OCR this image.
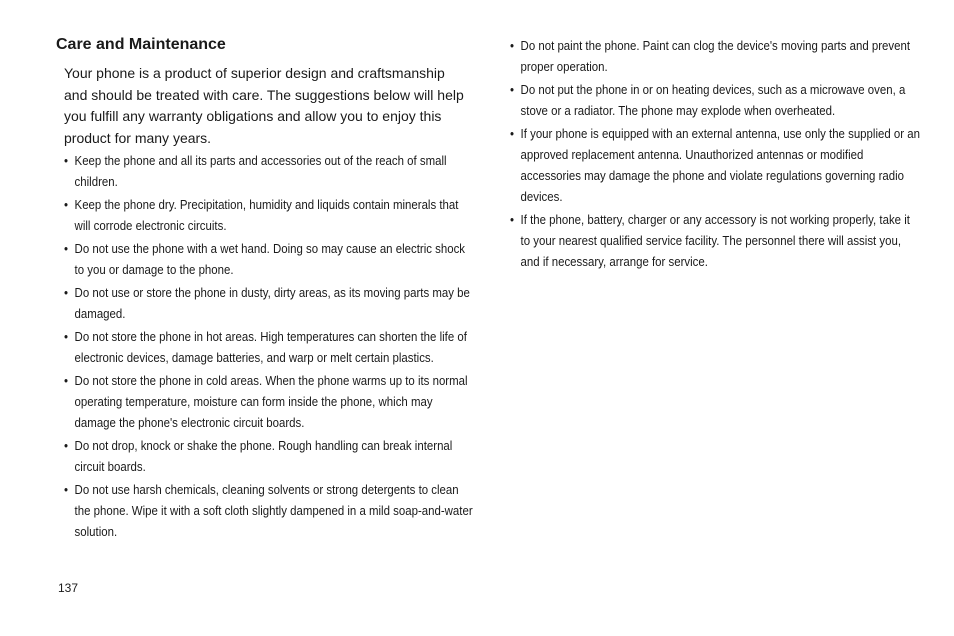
Care and Maintenance

Your phone is a product of superior design and craftsmanship and should be treated with care. The suggestions below will help you fulfill any warranty obligations and allow you to enjoy this product for many years.

• Keep the phone and all its parts and accessories out of the reach of small children.
• Keep the phone dry. Precipitation, humidity and liquids contain minerals that will corrode electronic circuits.
• Do not use the phone with a wet hand. Doing so may cause an electric shock to you or damage to the phone.
• Do not use or store the phone in dusty, dirty areas, as its moving parts may be damaged.
• Do not store the phone in hot areas. High temperatures can shorten the life of electronic devices, damage batteries, and warp or melt certain plastics.
• Do not store the phone in cold areas. When the phone warms up to its normal operating temperature, moisture can form inside the phone, which may damage the phone's electronic circuit boards.
• Do not drop, knock or shake the phone. Rough handling can break internal circuit boards.
• Do not use harsh chemicals, cleaning solvents or strong detergents to clean the phone. Wipe it with a soft cloth slightly dampened in a mild soap-and-water solution.
• Do not paint the phone. Paint can clog the device's moving parts and prevent proper operation.
• Do not put the phone in or on heating devices, such as a microwave oven, a stove or a radiator. The phone may explode when overheated.
• If your phone is equipped with an external antenna, use only the supplied or an approved replacement antenna. Unauthorized antennas or modified accessories may damage the phone and violate regulations governing radio devices.
• If the phone, battery, charger or any accessory is not working properly, take it to your nearest qualified service facility. The personnel there will assist you, and if necessary, arrange for service.
137
